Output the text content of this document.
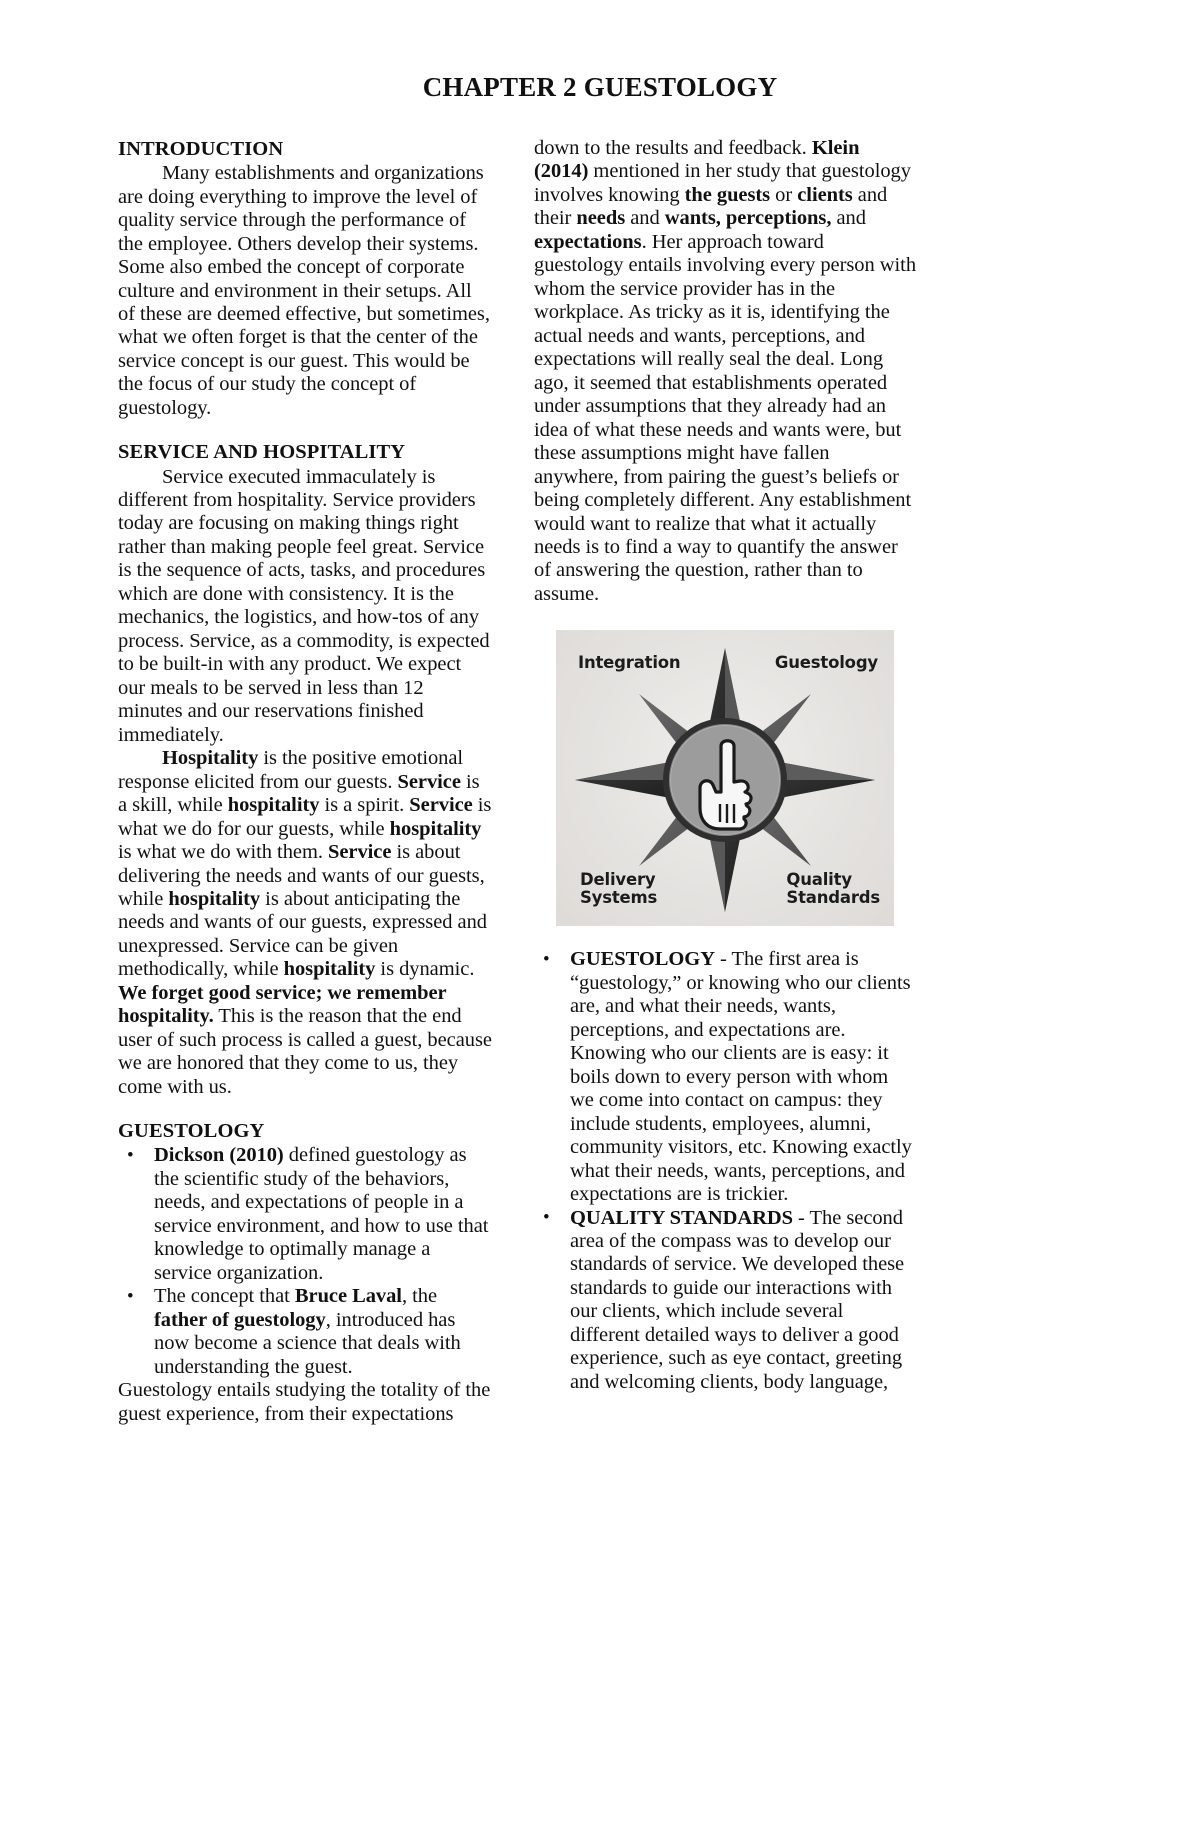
CHAPTER 2 GUESTOLOGY
INTRODUCTION

Many establishments and organizations are doing everything to improve the level of quality service through the performance of the employee. Others develop their systems. Some also embed the concept of corporate culture and environment in their setups. All of these are deemed effective, but sometimes, what we often forget is that the center of the service concept is our guest. This would be the focus of our study the concept of guestology.

SERVICE AND HOSPITALITY

Service executed immaculately is different from hospitality. Service providers today are focusing on making things right rather than making people feel great. Service is the sequence of acts, tasks, and procedures which are done with consistency. It is the mechanics, the logistics, and how-tos of any process. Service, as a commodity, is expected to be built-in with any product. We expect our meals to be served in less than 12 minutes and our reservations finished immediately.

Hospitality is the positive emotional response elicited from our guests. Service is a skill, while hospitality is a spirit. Service is what we do for our guests, while hospitality is what we do with them. Service is about delivering the needs and wants of our guests, while hospitality is about anticipating the needs and wants of our guests, expressed and unexpressed. Service can be given methodically, while hospitality is dynamic. We forget good service; we remember hospitality. This is the reason that the end user of such process is called a guest, because we are honored that they come to us, they come with us.

GUESTOLOGY
• Dickson (2010) defined guestology as the scientific study of the behaviors, needs, and expectations of people in a service environment, and how to use that knowledge to optimally manage a service organization.
• The concept that Bruce Laval, the father of guestology, introduced has now become a science that deals with understanding the guest.

Guestology entails studying the totality of the guest experience, from their expectations

down to the results and feedback. Klein (2014) mentioned in her study that guestology involves knowing the guests or clients and their needs and wants, perceptions, and expectations. Her approach toward guestology entails involving every person with whom the service provider has in the workplace. As tricky as it is, identifying the actual needs and wants, perceptions, and expectations will really seal the deal. Long ago, it seemed that establishments operated under assumptions that they already had an idea of what these needs and wants were, but these assumptions might have fallen anywhere, from pairing the guest’s beliefs or being completely different. Any establishment would want to realize that what it actually needs is to find a way to quantify the answer of answering the question, rather than to assume.

Integration	Guestology
Delivery
Systems
Quality
Standards
• GUESTOLOGY - The first area is “guestology,” or knowing who our clients are, and what their needs, wants, perceptions, and expectations are. Knowing who our clients are is easy: it boils down to every person with whom we come into contact on campus: they include students, employees, alumni, community visitors, etc. Knowing exactly what their needs, wants, perceptions, and expectations are is trickier.
• QUALITY STANDARDS - The second area of the compass was to develop our standards of service. We developed these standards to guide our interactions with our clients, which include several different detailed ways to deliver a good experience, such as eye contact, greeting and welcoming clients, body language,
